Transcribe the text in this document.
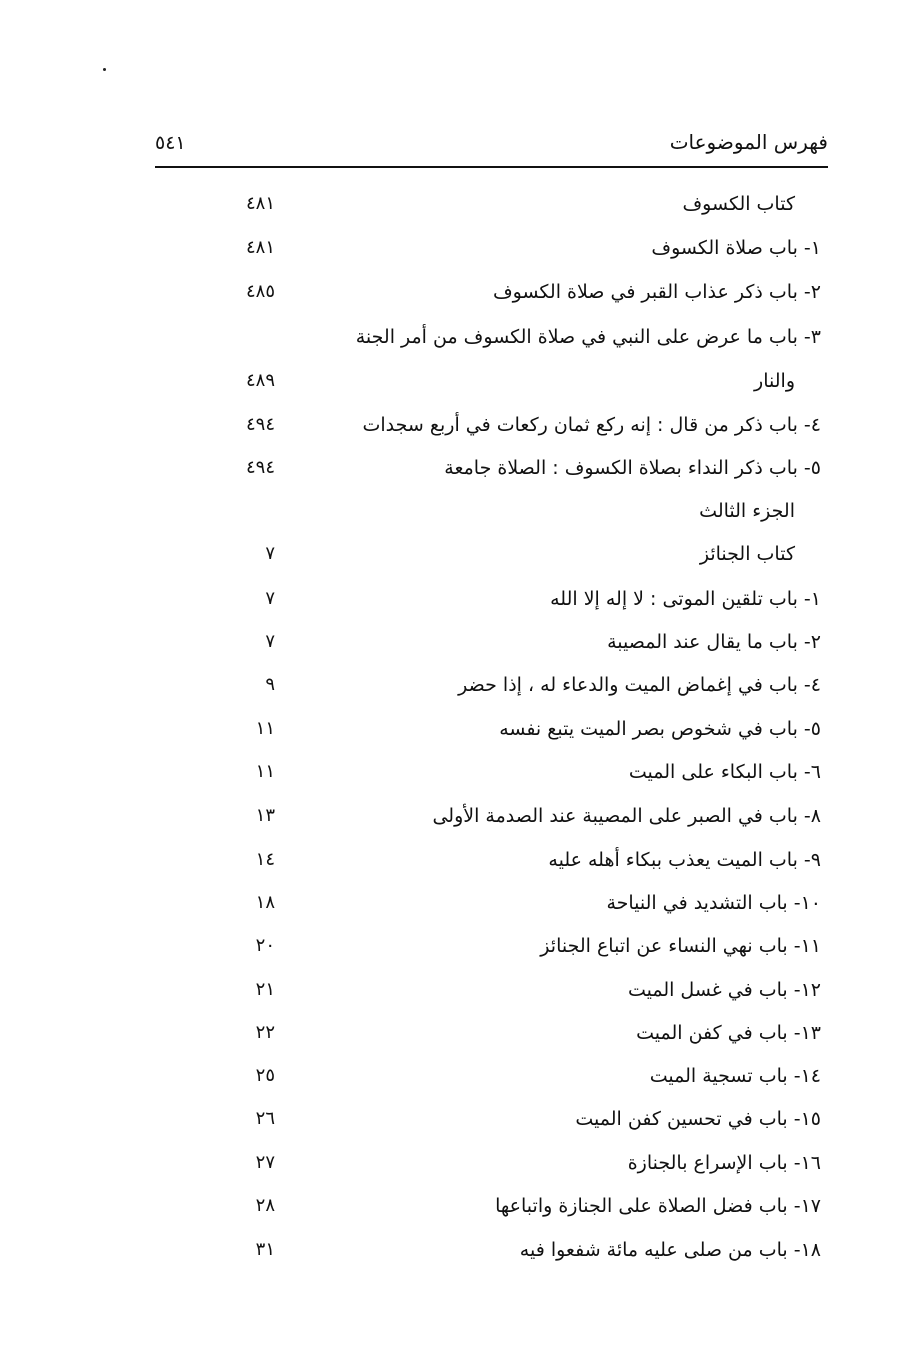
فهرس الموضوعات
٥٤١
كتاب الكسوف
٤٨١
١- باب صلاة الكسوف
٤٨١
٢- باب ذكر عذاب القبر في صلاة الكسوف
٤٨٥
٣- باب ما عرض على النبي في صلاة الكسوف من أمر الجنة
والنار
٤٨٩
٤- باب ذكر من قال : إنه ركع ثمان ركعات في أربع سجدات
٤٩٤
٥- باب ذكر النداء بصلاة الكسوف : الصلاة جامعة
٤٩٤
الجزء الثالث
كتاب الجنائز
٧
١- باب تلقين الموتى : لا إله إلا الله
٧
٢- باب ما يقال عند المصيبة
٧
٤- باب في إغماض الميت والدعاء له ، إذا حضر
٩
٥- باب في شخوص بصر الميت يتبع نفسه
١١
٦- باب البكاء على الميت
١١
٨- باب في الصبر على المصيبة عند الصدمة الأولى
١٣
٩- باب الميت يعذب ببكاء أهله عليه
١٤
١٠- باب التشديد في النياحة
١٨
١١- باب نهي النساء عن اتباع الجنائز
٢٠
١٢- باب في غسل الميت
٢١
١٣- باب في كفن الميت
٢٢
١٤- باب تسجية الميت
٢٥
١٥- باب في تحسين كفن الميت
٢٦
١٦- باب الإسراع بالجنازة
٢٧
١٧- باب فضل الصلاة على الجنازة واتباعها
٢٨
١٨- باب من صلى عليه مائة شفعوا فيه
٣١
